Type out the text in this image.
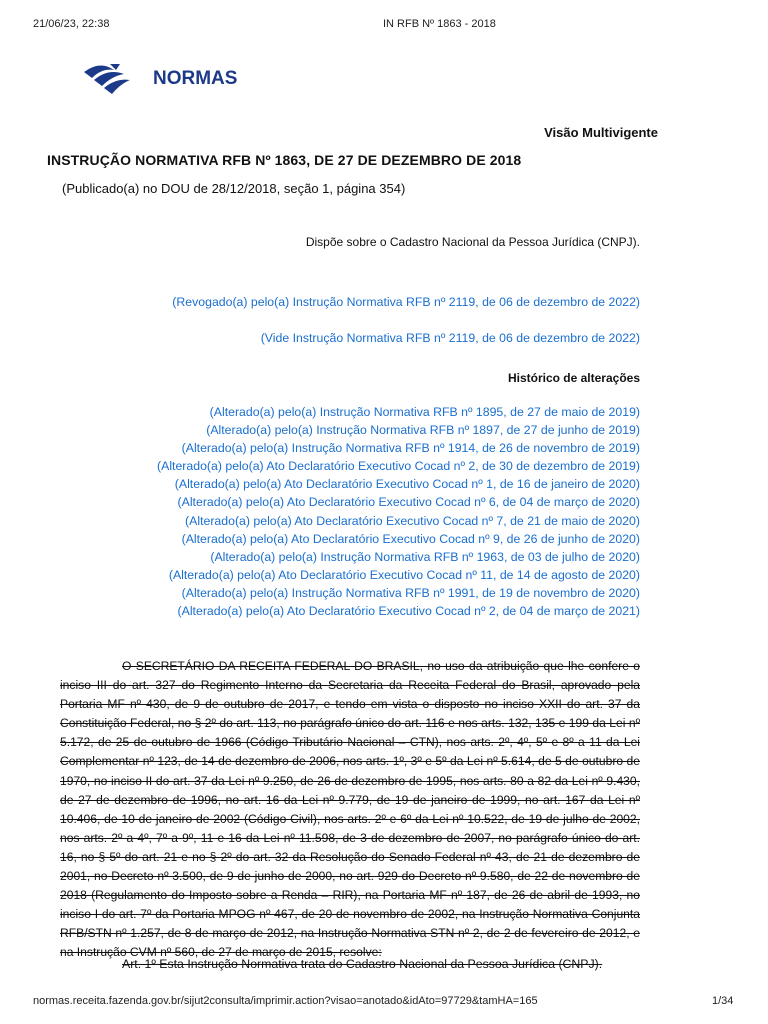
21/06/23, 22:38	IN RFB Nº 1863 - 2018
NORMAS
Visão Multivigente
INSTRUÇÃO NORMATIVA RFB Nº 1863, DE 27 DE DEZEMBRO DE 2018
(Publicado(a) no DOU de 28/12/2018, seção 1, página 354)
Dispõe sobre o Cadastro Nacional da Pessoa Jurídica (CNPJ).
(Revogado(a) pelo(a) Instrução Normativa RFB nº 2119, de 06 de dezembro de 2022)
(Vide Instrução Normativa RFB nº 2119, de 06 de dezembro de 2022)
Histórico de alterações
(Alterado(a) pelo(a) Instrução Normativa RFB nº 1895, de 27 de maio de 2019)
(Alterado(a) pelo(a) Instrução Normativa RFB nº 1897, de 27 de junho de 2019)
(Alterado(a) pelo(a) Instrução Normativa RFB nº 1914, de 26 de novembro de 2019)
(Alterado(a) pelo(a) Ato Declaratório Executivo Cocad nº 2, de 30 de dezembro de 2019)
(Alterado(a) pelo(a) Ato Declaratório Executivo Cocad nº 1, de 16 de janeiro de 2020)
(Alterado(a) pelo(a) Ato Declaratório Executivo Cocad nº 6, de 04 de março de 2020)
(Alterado(a) pelo(a) Ato Declaratório Executivo Cocad nº 7, de 21 de maio de 2020)
(Alterado(a) pelo(a) Ato Declaratório Executivo Cocad nº 9, de 26 de junho de 2020)
(Alterado(a) pelo(a) Instrução Normativa RFB nº 1963, de 03 de julho de 2020)
(Alterado(a) pelo(a) Ato Declaratório Executivo Cocad nº 11, de 14 de agosto de 2020)
(Alterado(a) pelo(a) Instrução Normativa RFB nº 1991, de 19 de novembro de 2020)
(Alterado(a) pelo(a) Ato Declaratório Executivo Cocad nº 2, de 04 de março de 2021)
O SECRETÁRIO DA RECEITA FEDERAL DO BRASIL, no uso da atribuição que lhe confere o inciso III do art. 327 do Regimento Interno da Secretaria da Receita Federal do Brasil, aprovado pela Portaria MF nº 430, de 9 de outubro de 2017, e tendo em vista o disposto no inciso XXII do art. 37 da Constituição Federal, no § 2º do art. 113, no parágrafo único do art. 116 e nos arts. 132, 135 e 199 da Lei nº 5.172, de 25 de outubro de 1966 (Código Tributário Nacional – CTN), nos arts. 2º, 4º, 5º e 8º a 11 da Lei Complementar nº 123, de 14 de dezembro de 2006, nos arts. 1º, 3º e 5º da Lei nº 5.614, de 5 de outubro de 1970, no inciso II do art. 37 da Lei nº 9.250, de 26 de dezembro de 1995, nos arts. 80 a 82 da Lei nº 9.430, de 27 de dezembro de 1996, no art. 16 da Lei nº 9.779, de 19 de janeiro de 1999, no art. 167 da Lei nº 10.406, de 10 de janeiro de 2002 (Código Civil), nos arts. 2º e 6º da Lei nº 10.522, de 19 de julho de 2002, nos arts. 2º a 4º, 7º a 9º, 11 e 16 da Lei nº 11.598, de 3 de dezembro de 2007, no parágrafo único do art. 16, no § 5º do art. 21 e no § 2º do art. 32 da Resolução do Senado Federal nº 43, de 21 de dezembro de 2001, no Decreto nº 3.500, de 9 de junho de 2000, no art. 929 do Decreto nº 9.580, de 22 de novembro de 2018 (Regulamento do Imposto sobre a Renda – RIR), na Portaria MF nº 187, de 26 de abril de 1993, no inciso I do art. 7º da Portaria MPOG nº 467, de 20 de novembro de 2002, na Instrução Normativa Conjunta RFB/STN nº 1.257, de 8 de março de 2012, na Instrução Normativa STN nº 2, de 2 de fevereiro de 2012, e na Instrução CVM nº 560, de 27 de março de 2015, resolve:
Art. 1º Esta Instrução Normativa trata do Cadastro Nacional da Pessoa Jurídica (CNPJ).
normas.receita.fazenda.gov.br/sijut2consulta/imprimir.action?visao=anotado&idAto=97729&tamHA=165	1/34
